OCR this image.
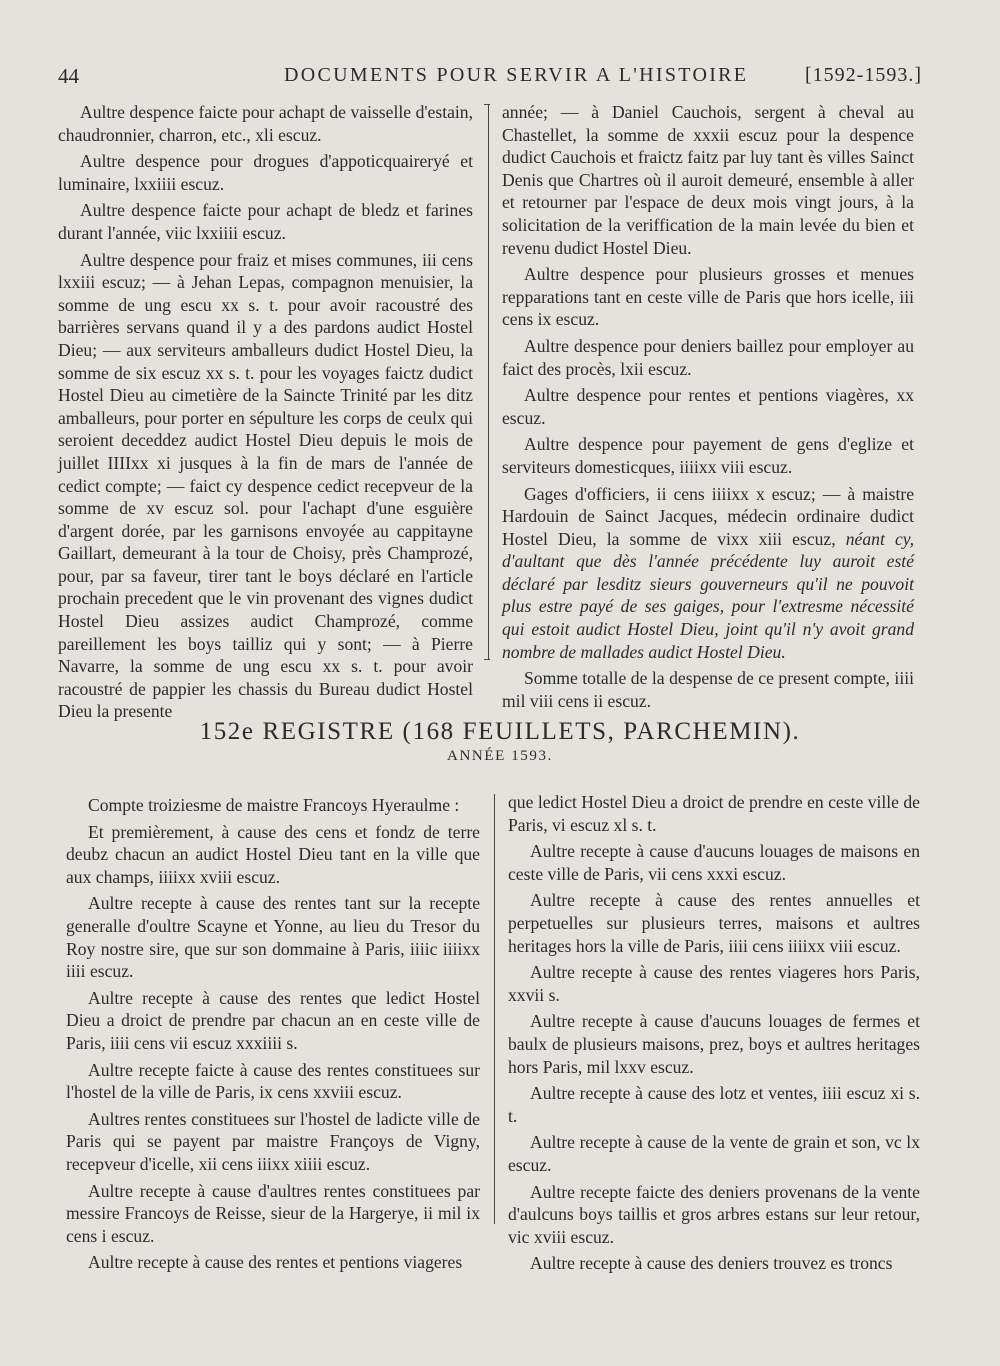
44	DOCUMENTS POUR SERVIR A L'HISTOIRE	[1592-1593.]

Aultre despence faicte pour achapt de vaisselle d'estain, chaudronnier, charron, etc., xli escuz.

Aultre despence pour drogues d'appoticquaireryé et luminaire, lxxiiii escuz.

Aultre despence faicte pour achapt de bledz et farines durant l'année, viic lxxiiii escuz.

Aultre despence pour fraiz et mises communes, iii cens lxxiii escuz; — à Jehan Lepas, compagnon menuisier, la somme de ung escu xx s. t. pour avoir racoustré des barrières servans quand il y a des pardons audict Hostel Dieu; — aux serviteurs amballeurs dudict Hostel Dieu, la somme de six escuz xx s. t. pour les voyages faictz dudict Hostel Dieu au cimetière de la Saincte Trinité par les ditz amballeurs, pour porter en sépulture les corps de ceulx qui seroient deceddez audict Hostel Dieu depuis le mois de juillet IIIIxx xi jusques à la fin de mars de l'année de cedict compte; — faict cy despence cedict recepveur de la somme de xv escuz sol. pour l'achapt d'une esguière d'argent dorée, par les garnisons envoyée au cappitayne Gaillart, demeurant à la tour de Choisy, près Champrozé, pour, par sa faveur, tirer tant le boys déclaré en l'article prochain precedent que le vin provenant des vignes dudict Hostel Dieu assizes audict Champrozé, comme pareillement les boys tailliz qui y sont; — à Pierre Navarre, la somme de ung escu xx s. t. pour avoir racoustré de pappier les chassis du Bureau dudict Hostel Dieu la presente

année; — à Daniel Cauchois, sergent à cheval au Chastellet, la somme de xxxii escuz pour la despence dudict Cauchois et fraictz faitz par luy tant ès villes Sainct Denis que Chartres où il auroit demeuré, ensemble à aller et retourner par l'espace de deux mois vingt jours, à la solicitation de la veriffication de la main levée du bien et revenu dudict Hostel Dieu.

Aultre despence pour plusieurs grosses et menues repparations tant en ceste ville de Paris que hors icelle, iii cens ix escuz.

Aultre despence pour deniers baillez pour employer au faict des procès, lxii escuz.

Aultre despence pour rentes et pentions viagères, xx escuz.

Aultre despence pour payement de gens d'eglize et serviteurs domesticques, iiiixx viii escuz.

Gages d'officiers, ii cens iiiixx x escuz; — à maistre Hardouin de Sainct Jacques, médecin ordinaire dudict Hostel Dieu, la somme de vixx xiii escuz, néant cy, d'aultant que dès l'année précédente luy auroit esté déclaré par lesditz sieurs gouverneurs qu'il ne pouvoit plus estre payé de ses gaiges, pour l'extresme nécessité qui estoit audict Hostel Dieu, joint qu'il n'y avoit grand nombre de mallades audict Hostel Dieu.

Somme totalle de la despense de ce present compte, iiii mil viii cens ii escuz.

152e REGISTRE (168 FEUILLETS, PARCHEMIN).
ANNÉE 1593.

Compte troiziesme de maistre Francoys Hyeraulme :

Et premièrement, à cause des cens et fondz de terre deubz chacun an audict Hostel Dieu tant en la ville que aux champs, iiiixx xviii escuz.

Aultre recepte à cause des rentes tant sur la recepte generalle d'oultre Scayne et Yonne, au lieu du Tresor du Roy nostre sire, que sur son dommaine à Paris, iiiic iiiixx iiii escuz.

Aultre recepte à cause des rentes que ledict Hostel Dieu a droict de prendre par chacun an en ceste ville de Paris, iiii cens vii escuz xxxiiii s.

Aultre recepte faicte à cause des rentes constituees sur l'hostel de la ville de Paris, ix cens xxviii escuz.

Aultres rentes constituees sur l'hostel de ladicte ville de Paris qui se payent par maistre Françoys de Vigny, recepveur d'icelle, xii cens iiixx xiiii escuz.

Aultre recepte à cause d'aultres rentes constituees par messire Francoys de Reisse, sieur de la Hargerye, ii mil ix cens i escuz.

Aultre recepte à cause des rentes et pentions viageres

que ledict Hostel Dieu a droict de prendre en ceste ville de Paris, vi escuz xl s. t.

Aultre recepte à cause d'aucuns louages de maisons en ceste ville de Paris, vii cens xxxi escuz.

Aultre recepte à cause des rentes annuelles et perpetuelles sur plusieurs terres, maisons et aultres heritages hors la ville de Paris, iiii cens iiiixx viii escuz.

Aultre recepte à cause des rentes viageres hors Paris, xxvii s.

Aultre recepte à cause d'aucuns louages de fermes et baulx de plusieurs maisons, prez, boys et aultres heritages hors Paris, mil lxxv escuz.

Aultre recepte à cause des lotz et ventes, iiii escuz xi s. t.

Aultre recepte à cause de la vente de grain et son, vc lx escuz.

Aultre recepte faicte des deniers provenans de la vente d'aulcuns boys taillis et gros arbres estans sur leur retour, vic xviii escuz.

Aultre recepte à cause des deniers trouvez es troncs
